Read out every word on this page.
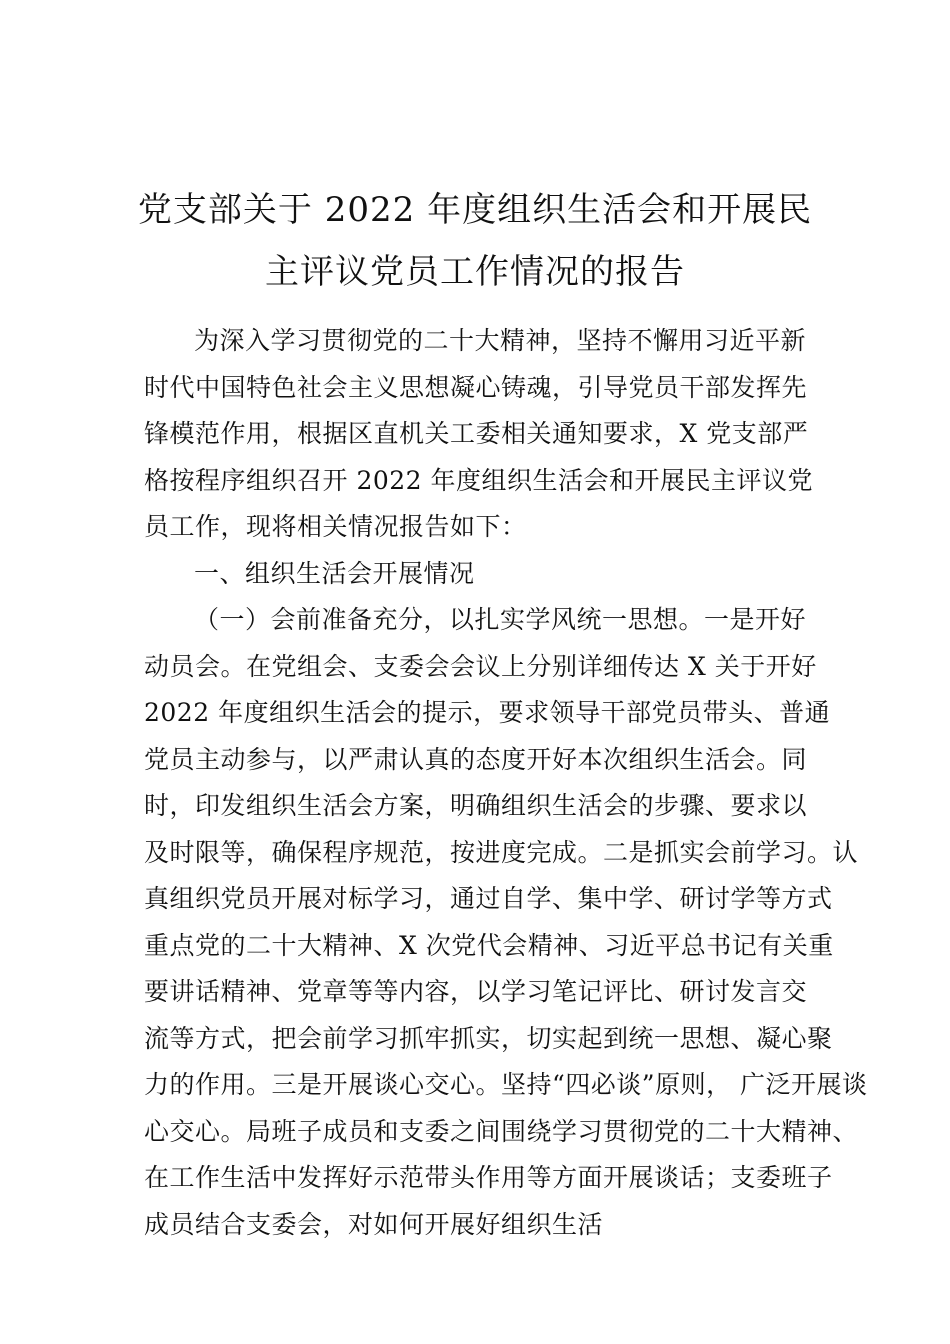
党支部关于 2022 年度组织生活会和开展民
主评议党员工作情况的报告
为深入学习贯彻党的二十大精神，坚持不懈用习近平新
时代中国特色社会主义思想凝心铸魂，引导党员干部发挥先
锋模范作用，根据区直机关工委相关通知要求，X 党支部严
格按程序组织召开 2022 年度组织生活会和开展民主评议党
员工作，现将相关情况报告如下：
一、组织生活会开展情况
（一）会前准备充分，以扎实学风统一思想。一是开好
动员会。在党组会、支委会会议上分别详细传达 X 关于开好
2022 年度组织生活会的提示，要求领导干部党员带头、普通
党员主动参与，以严肃认真的态度开好本次组织生活会。同
时，印发组织生活会方案，明确组织生活会的步骤、要求以
及时限等，确保程序规范，按进度完成。二是抓实会前学习。认
真组织党员开展对标学习，通过自学、集中学、研讨学等方式
重点党的二十大精神、X 次党代会精神、习近平总书记有关重
要讲话精神、党章等等内容，以学习笔记评比、研讨发言交
流等方式，把会前学习抓牢抓实，切实起到统一思想、凝心聚
力的作用。三是开展谈心交心。坚持“四必谈”原则， 广泛开展谈
心交心。局班子成员和支委之间围绕学习贯彻党的二十大精神、
在工作生活中发挥好示范带头作用等方面开展谈话；支委班子
成员结合支委会，对如何开展好组织生活
